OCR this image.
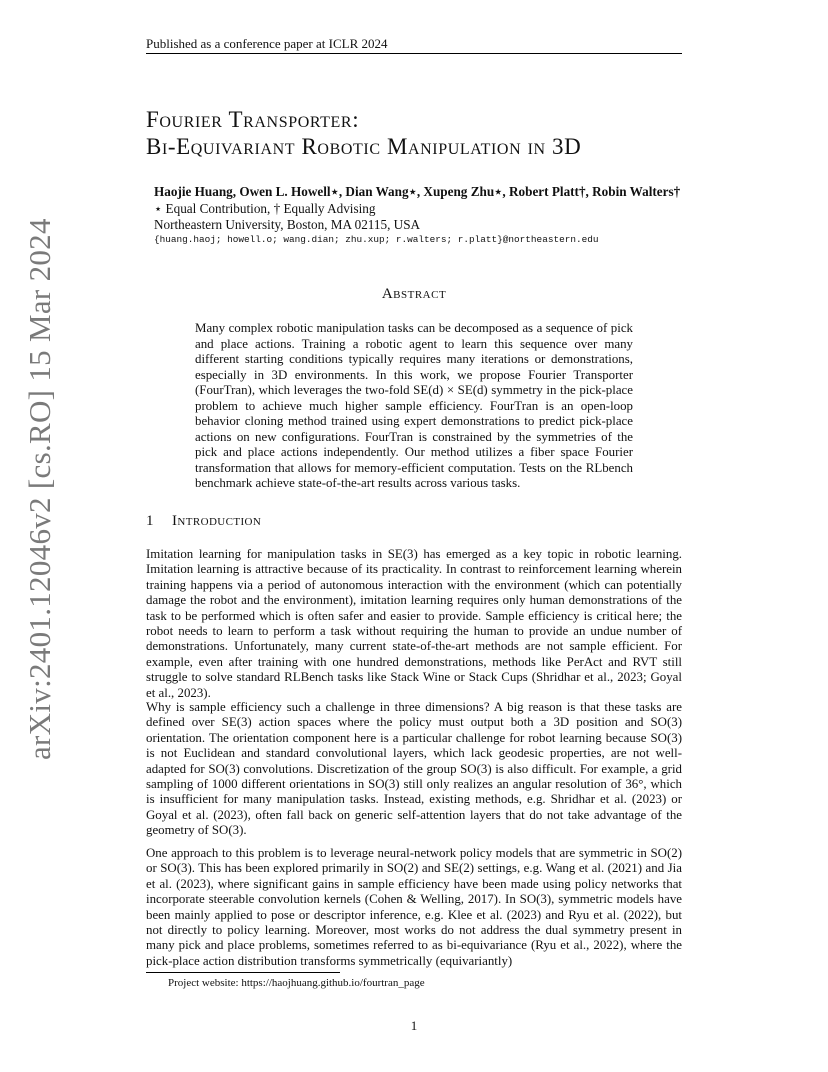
Published as a conference paper at ICLR 2024
arXiv:2401.12046v2 [cs.RO] 15 Mar 2024
Fourier Transporter:
Bi-Equivariant Robotic Manipulation in 3D
Haojie Huang, Owen L. Howell⋆, Dian Wang⋆, Xupeng Zhu⋆, Robert Platt†, Robin Walters†
⋆ Equal Contribution, † Equally Advising
Northeastern University, Boston, MA 02115, USA
{huang.haoj; howell.o; wang.dian; zhu.xup; r.walters; r.platt}@northeastern.edu
Abstract
Many complex robotic manipulation tasks can be decomposed as a sequence of pick and place actions. Training a robotic agent to learn this sequence over many different starting conditions typically requires many iterations or demonstrations, especially in 3D environments. In this work, we propose Fourier Transporter (FourTran), which leverages the two-fold SE(d) × SE(d) symmetry in the pick-place problem to achieve much higher sample efficiency. FourTran is an open-loop behavior cloning method trained using expert demonstrations to predict pick-place actions on new configurations. FourTran is constrained by the symmetries of the pick and place actions independently. Our method utilizes a fiber space Fourier transformation that allows for memory-efficient computation. Tests on the RLbench benchmark achieve state-of-the-art results across various tasks.
1 Introduction
Imitation learning for manipulation tasks in SE(3) has emerged as a key topic in robotic learning. Imitation learning is attractive because of its practicality. In contrast to reinforcement learning wherein training happens via a period of autonomous interaction with the environment (which can potentially damage the robot and the environment), imitation learning requires only human demonstrations of the task to be performed which is often safer and easier to provide. Sample efficiency is critical here; the robot needs to learn to perform a task without requiring the human to provide an undue number of demonstrations. Unfortunately, many current state-of-the-art methods are not sample efficient. For example, even after training with one hundred demonstrations, methods like PerAct and RVT still struggle to solve standard RLBench tasks like Stack Wine or Stack Cups (Shridhar et al., 2023; Goyal et al., 2023).
Why is sample efficiency such a challenge in three dimensions? A big reason is that these tasks are defined over SE(3) action spaces where the policy must output both a 3D position and SO(3) orientation. The orientation component here is a particular challenge for robot learning because SO(3) is not Euclidean and standard convolutional layers, which lack geodesic properties, are not well-adapted for SO(3) convolutions. Discretization of the group SO(3) is also difficult. For example, a grid sampling of 1000 different orientations in SO(3) still only realizes an angular resolution of 36°, which is insufficient for many manipulation tasks. Instead, existing methods, e.g. Shridhar et al. (2023) or Goyal et al. (2023), often fall back on generic self-attention layers that do not take advantage of the geometry of SO(3).
One approach to this problem is to leverage neural-network policy models that are symmetric in SO(2) or SO(3). This has been explored primarily in SO(2) and SE(2) settings, e.g. Wang et al. (2021) and Jia et al. (2023), where significant gains in sample efficiency have been made using policy networks that incorporate steerable convolution kernels (Cohen & Welling, 2017). In SO(3), symmetric models have been mainly applied to pose or descriptor inference, e.g. Klee et al. (2023) and Ryu et al. (2022), but not directly to policy learning. Moreover, most works do not address the dual symmetry present in many pick and place problems, sometimes referred to as bi-equivariance (Ryu et al., 2022), where the pick-place action distribution transforms symmetrically (equivariantly)
Project website: https://haojhuang.github.io/fourtran_page
1
